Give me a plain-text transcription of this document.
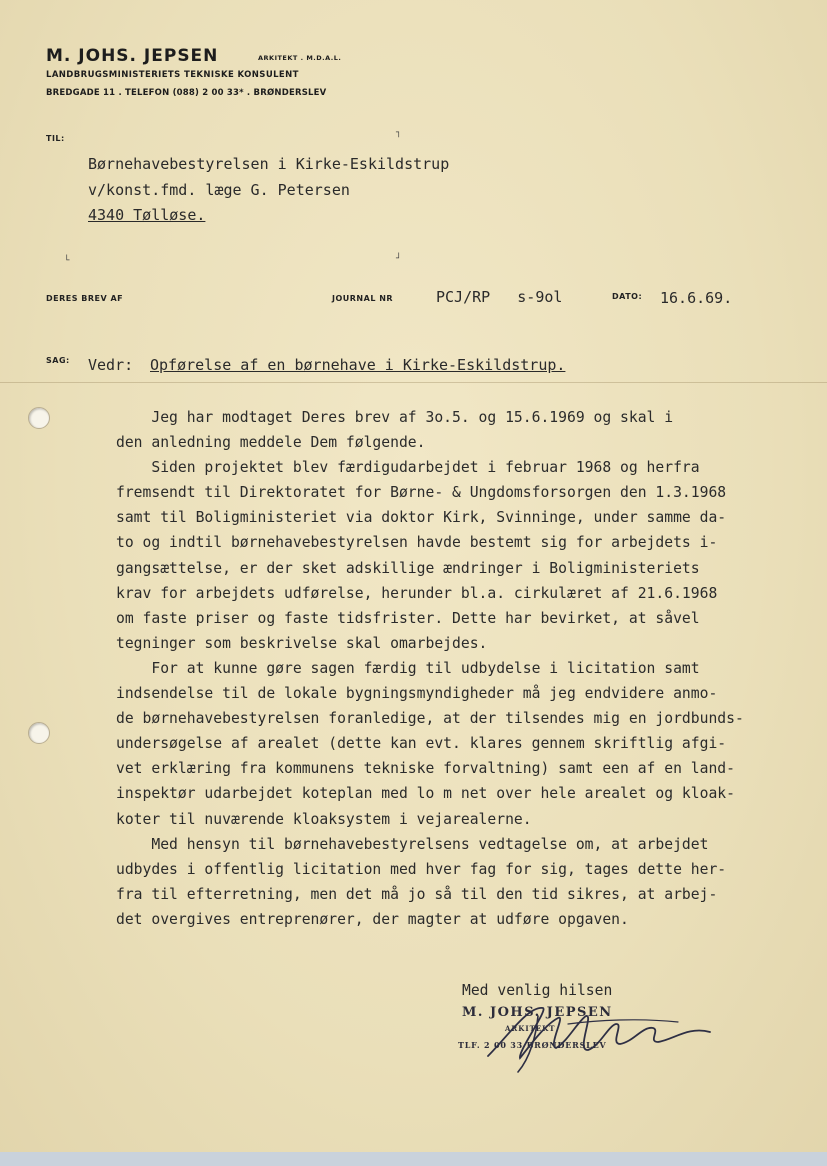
M. JOHS. JEPSEN	ARKITEKT . M.D.A.L.
LANDBRUGSMINISTERIETS TEKNISKE KONSULENT
BREDGADE 11 . TELEFON (088) 2 00 33* . BRØNDERSLEV
TIL:
┐
Børnehavebestyrelsen i Kirke-Eskildstrup
v/konst.fmd. læge G. Petersen
4340 Tølløse.
└	┘
DERES BREV AF	JOURNAL NR	PCJ/RP   s-9ol	DATO: 16.6.69.
SAG: Vedr: Opførelse af en børnehave i Kirke-Eskildstrup.
Jeg har modtaget Deres brev af 3o.5. og 15.6.1969 og skal i
den anledning meddele Dem følgende.
Siden projektet blev færdigudarbejdet i februar 1968 og herfra
fremsendt til Direktoratet for Børne- & Ungdomsforsorgen den 1.3.1968
samt til Boligministeriet via doktor Kirk, Svinninge, under samme da-
to og indtil børnehavebestyrelsen havde bestemt sig for arbejdets i-
gangsættelse, er der sket adskillige ændringer i Boligministeriets
krav for arbejdets udførelse, herunder bl.a. cirkulæret af 21.6.1968
om faste priser og faste tidsfrister. Dette har bevirket, at såvel
tegninger som beskrivelse skal omarbejdes.
For at kunne gøre sagen færdig til udbydelse i licitation samt
indsendelse til de lokale bygningsmyndigheder må jeg endvidere anmo-
de børnehavebestyrelsen foranledige, at der tilsendes mig en jordbunds-
undersøgelse af arealet (dette kan evt. klares gennem skriftlig afgi-
vet erklæring fra kommunens tekniske forvaltning) samt een af en land-
inspektør udarbejdet koteplan med lo m net over hele arealet og kloak-
koter til nuværende kloaksystem i vejarealerne.
Med hensyn til børnehavebestyrelsens vedtagelse om, at arbejdet
udbydes i offentlig licitation med hver fag for sig, tages dette her-
fra til efterretning, men det må jo så til den tid sikres, at arbej-
det overgives entreprenører, der magter at udføre opgaven.
Med venlig hilsen
M. JOHS. JEPSEN
ARKITEKT
TLF. 2 00 33 BRØNDERSLEV
